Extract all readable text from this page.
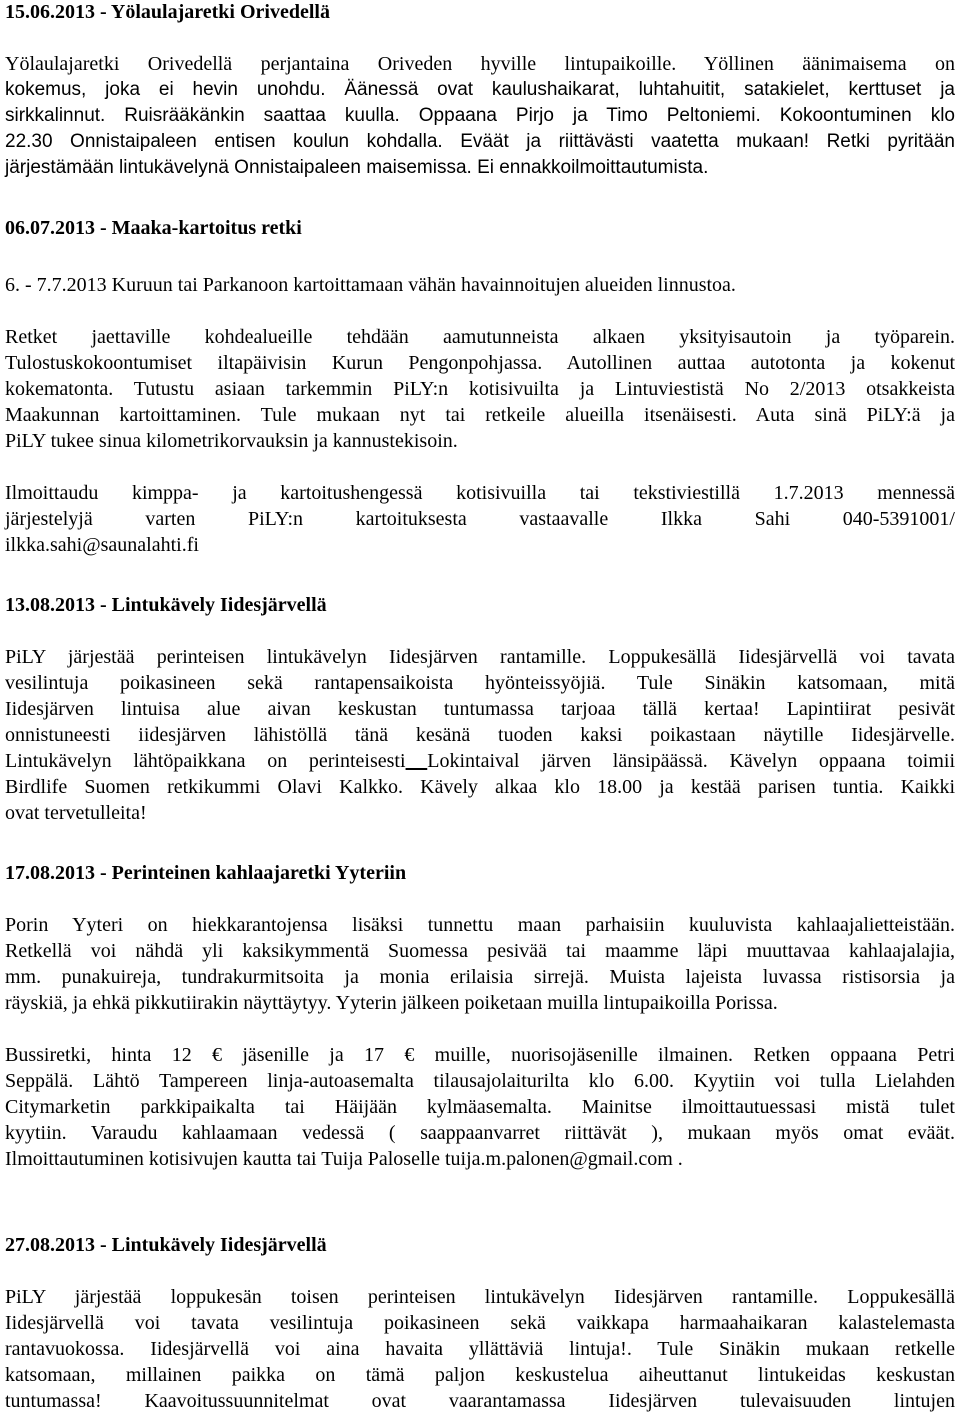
15.06.2013 - Yölaulajaretki Orivedellä

Yölaulajaretki Orivedellä perjantaina Oriveden hyville lintupaikoille. Yöllinen äänimaisema on

kokemus, joka ei hevin unohdu. Äänessä ovat kaulushaikarat, luhtahuitit, satakielet, kerttuset ja

sirkkalinnut. Ruisrääkänkin saattaa kuulla. Oppaana Pirjo ja Timo Peltoniemi. Kokoontuminen klo

22.30 Onnistaipaleen entisen koulun kohdalla. Eväät ja riittävästi vaatetta mukaan! Retki pyritään

järjestämään lintukävelynä Onnistaipaleen maisemissa. Ei ennakkoilmoittautumista.

06.07.2013 - Maaka-kartoitus retki

6. - 7.7.2013 Kuruun tai Parkanoon kartoittamaan vähän havainnoitujen alueiden linnustoa.

Retket jaettaville kohdealueille tehdään aamutunneista alkaen yksityisautoin ja työparein.

Tulostuskokoontumiset iltapäivisin Kurun Pengonpohjassa. Autollinen auttaa autotonta ja kokenut

kokematonta. Tutustu asiaan tarkemmin PiLY:n kotisivuilta ja Lintuviestistä No 2/2013 otsakkeista

Maakunnan kartoittaminen. Tule mukaan nyt tai retkeile alueilla itsenäisesti. Auta sinä PiLY:ä ja

PiLY tukee sinua kilometrikorvauksin ja kannustekisoin.

Ilmoittaudu kimppa- ja kartoitushengessä kotisivuilla tai tekstiviestillä 1.7.2013 mennessä

järjestelyjä varten PiLY:n kartoituksesta vastaavalle Ilkka Sahi 040-5391001/

ilkka.sahi@saunalahti.fi

13.08.2013 - Lintukävely Iidesjärvellä

PiLY järjestää perinteisen lintukävelyn Iidesjärven rantamille. Loppukesällä Iidesjärvellä voi tavata

vesilintuja poikasineen sekä rantapensaikoista hyönteissyöjiä. Tule Sinäkin katsomaan, mitä

Iidesjärven lintuisa alue aivan keskustan tuntumassa tarjoaa tällä kertaa! Lapintiirat pesivät

onnistuneesti iidesjärven lähistöllä tänä kesänä tuoden kaksi poikastaan näytille Iidesjärvelle.

Lintukävelyn lähtöpaikkana on perinteisesti Lokintaival järven länsipäässä. Kävelyn oppaana toimii

Birdlife Suomen retkikummi Olavi Kalkko. Kävely alkaa klo 18.00 ja kestää parisen tuntia. Kaikki

ovat tervetulleita!

17.08.2013 - Perinteinen kahlaajaretki Yyteriin

Porin Yyteri on hiekkarantojensa lisäksi tunnettu maan parhaisiin kuuluvista kahlaajalietteistään.

Retkellä voi nähdä yli kaksikymmentä Suomessa pesivää tai maamme läpi muuttavaa kahlaajalajia,

mm. punakuireja, tundrakurmitsoita ja monia erilaisia sirrejä. Muista lajeista luvassa ristisorsia ja

räyskiä, ja ehkä pikkutiirakin näyttäytyy. Yyterin jälkeen poiketaan muilla lintupaikoilla Porissa.

Bussiretki, hinta 12 € jäsenille ja 17 € muille, nuorisojäsenille ilmainen. Retken oppaana Petri

Seppälä. Lähtö Tampereen linja-autoasemalta tilausajolaiturilta klo 6.00. Kyytiin voi tulla Lielahden

Citymarketin parkkipaikalta tai Häijään kylmäasemalta. Mainitse ilmoittautuessasi mistä tulet

kyytiin. Varaudu kahlaamaan vedessä ( saappaanvarret riittävät ), mukaan myös omat eväät.

Ilmoittautuminen kotisivujen kautta tai Tuija Paloselle tuija.m.palonen@gmail.com .

27.08.2013 - Lintukävely Iidesjärvellä

PiLY järjestää loppukesän toisen perinteisen lintukävelyn Iidesjärven rantamille. Loppukesällä

Iidesjärvellä voi tavata vesilintuja poikasineen sekä vaikkapa harmaahaikaran kalastelemasta

rantavuokossa. Iidesjärvellä voi aina havaita yllättäviä lintuja!. Tule Sinäkin mukaan retkelle

katsomaan, millainen paikka on tämä paljon keskustelua aiheuttanut lintukeidas keskustan

tuntumassa! Kaavoitussuunnitelmat ovat vaarantamassa Iidesjärven tulevaisuuden lintujen
